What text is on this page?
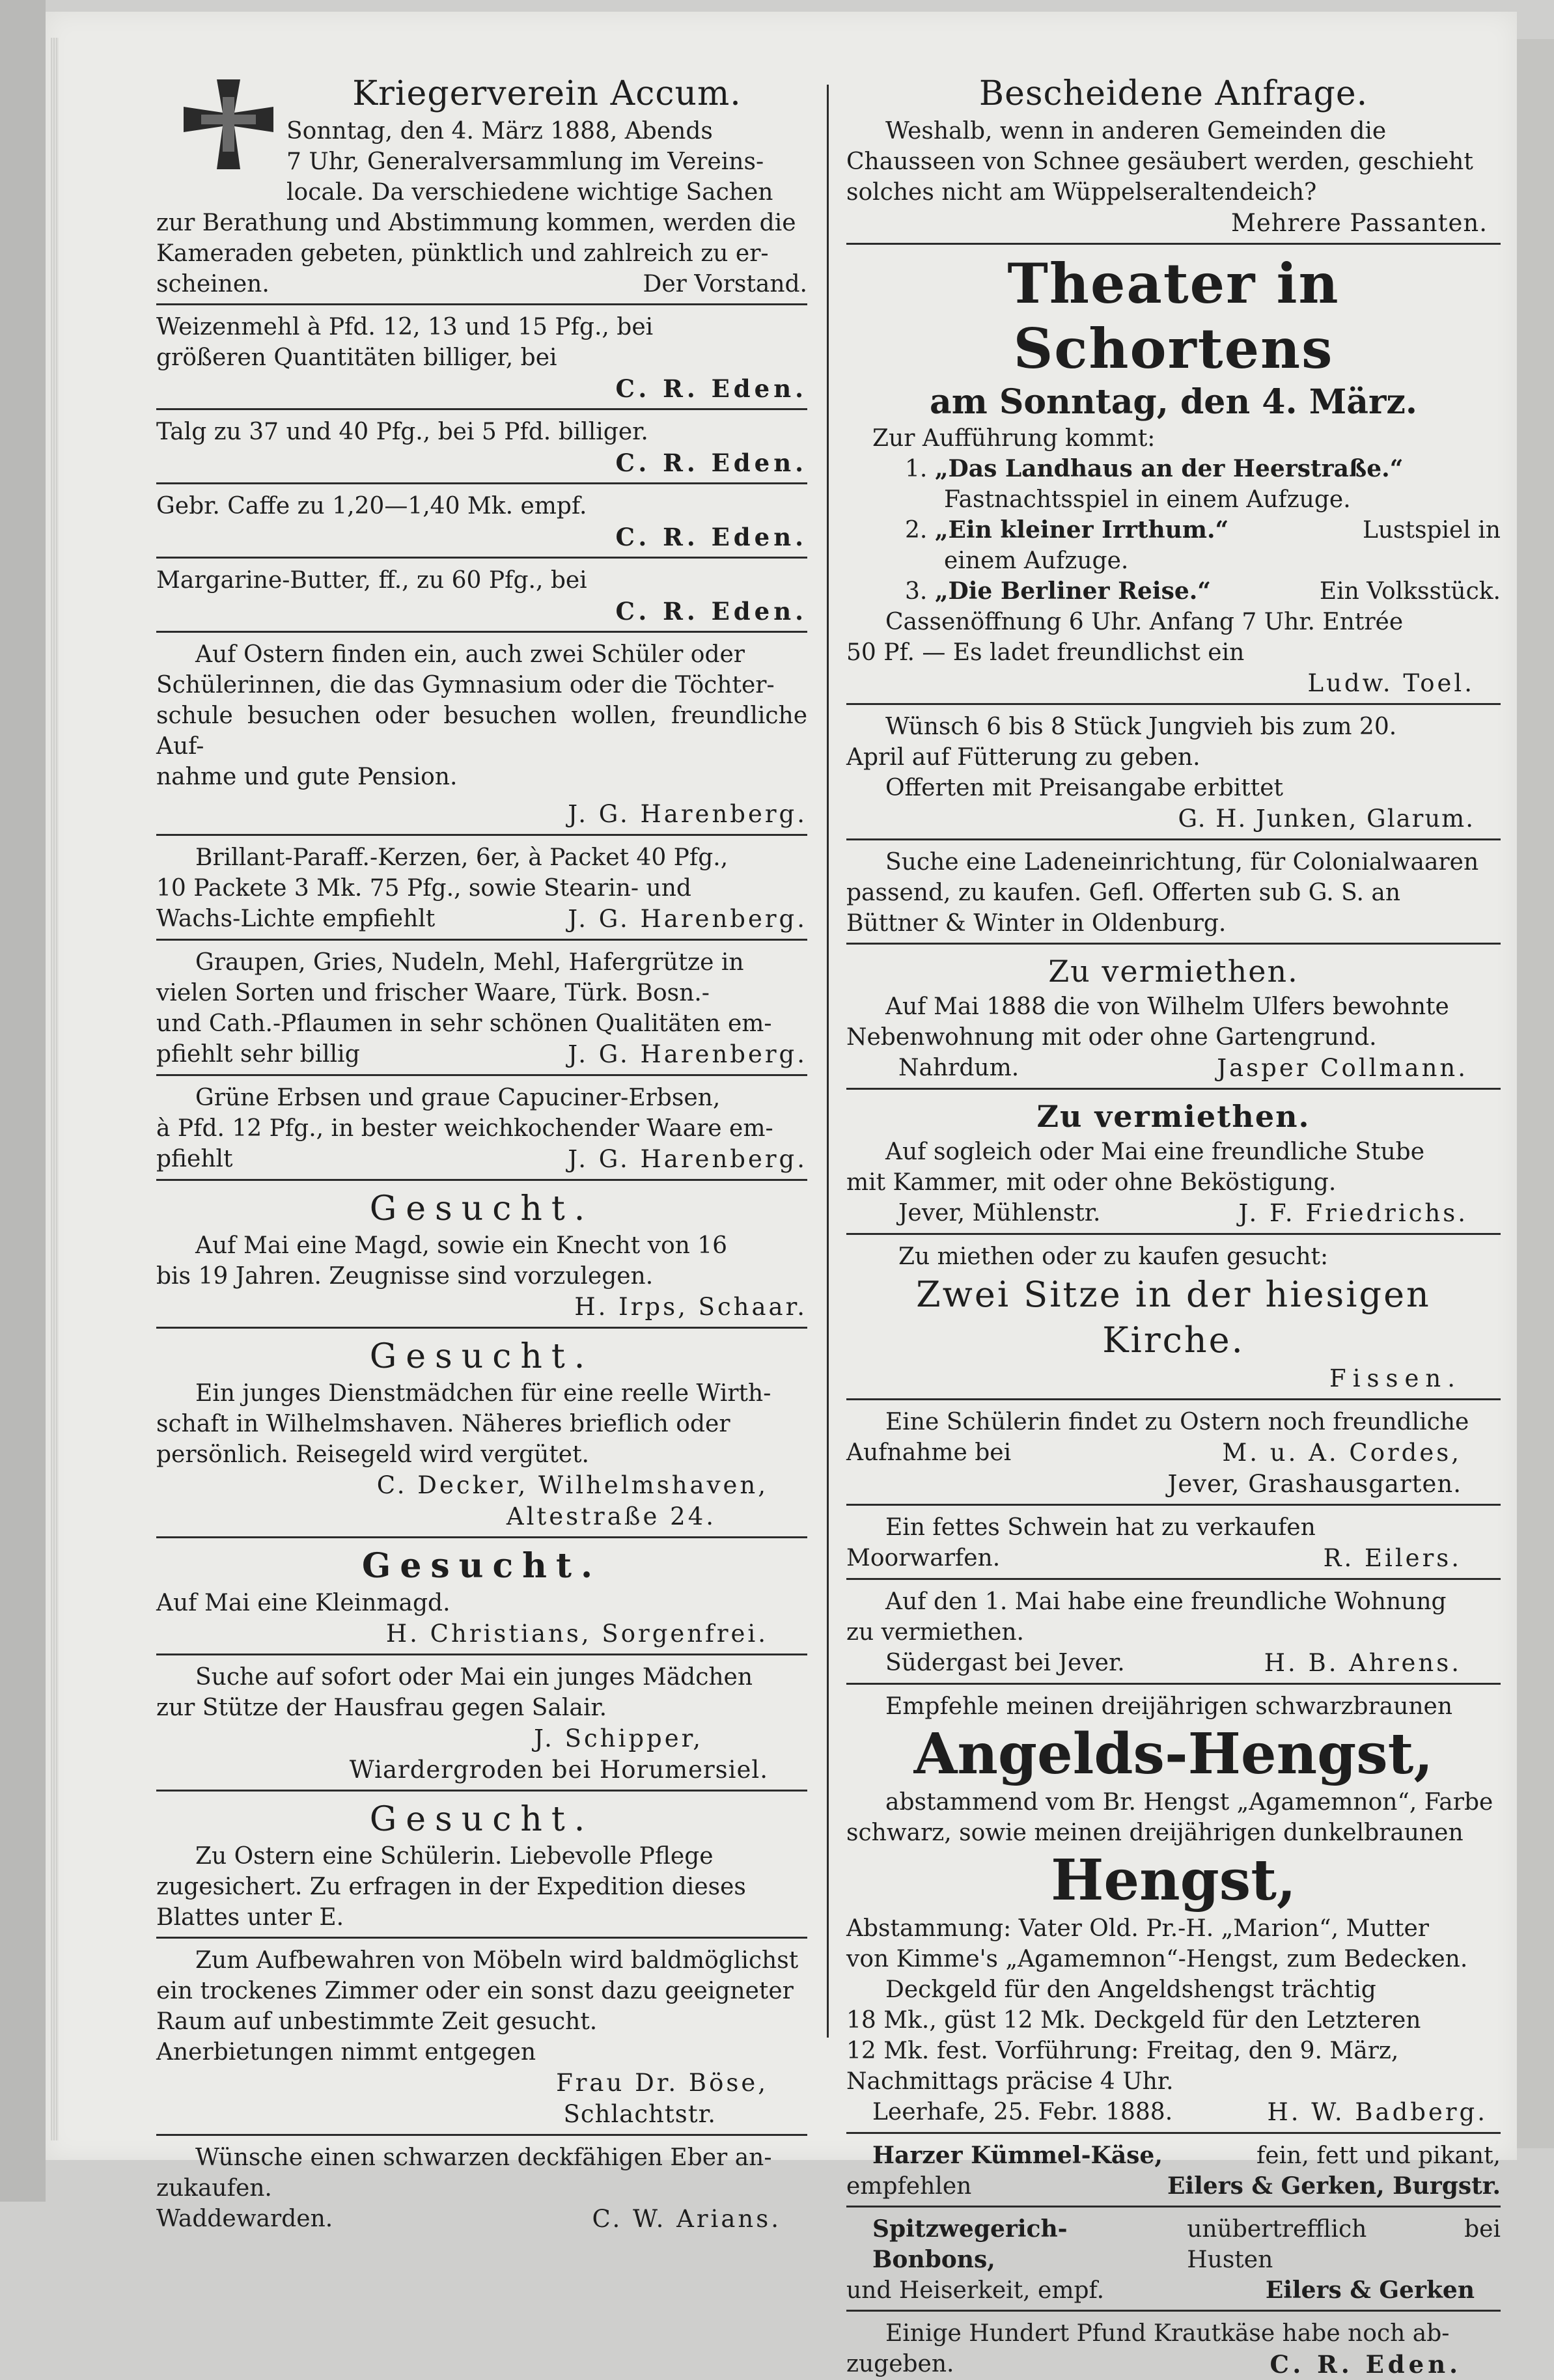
Kriegerverein Accum.
Sonntag, den 4. März 1888, Abends
7 Uhr, Generalversammlung im Vereins-
locale. Da verschiedene wichtige Sachen
zur Berathung und Abstimmung kommen, werden die
Kameraden gebeten, pünktlich und zahlreich zu er-
scheinen.	Der Vorstand.
Weizenmehl à Pfd. 12, 13 und 15 Pfg., bei
größeren Quantitäten billiger, bei
C. R. Eden.
Talg zu 37 und 40 Pfg., bei 5 Pfd. billiger.
C. R. Eden.
Gebr. Caffe zu 1,20—1,40 Mk. empf.
C. R. Eden.
Margarine-Butter, ff., zu 60 Pfg., bei
C. R. Eden.
Auf Ostern finden ein, auch zwei Schüler oder
Schülerinnen, die das Gymnasium oder die Töchter-
schule besuchen oder besuchen wollen, freundliche Auf-
nahme und gute Pension.
J. G. Harenberg.
Brillant-Paraff.-Kerzen, 6er, à Packet 40 Pfg.,
10 Packete 3 Mk. 75 Pfg., sowie Stearin- und
Wachs-Lichte empfiehlt	J. G. Harenberg.
Graupen, Gries, Nudeln, Mehl, Hafergrütze in
vielen Sorten und frischer Waare, Türk. Bosn.-
und Cath.-Pflaumen in sehr schönen Qualitäten em-
pfiehlt sehr billig	J. G. Harenberg.
Grüne Erbsen und graue Capuciner-Erbsen,
à Pfd. 12 Pfg., in bester weichkochender Waare em-
pfiehlt	J. G. Harenberg.
Gesucht.
Auf Mai eine Magd, sowie ein Knecht von 16
bis 19 Jahren. Zeugnisse sind vorzulegen.
H. Irps, Schaar.
Gesucht.
Ein junges Dienstmädchen für eine reelle Wirth-
schaft in Wilhelmshaven. Näheres brieflich oder
persönlich. Reisegeld wird vergütet.
C. Decker, Wilhelmshaven,
Altestraße 24.
Gesucht.
Auf Mai eine Kleinmagd.
H. Christians, Sorgenfrei.
Suche auf sofort oder Mai ein junges Mädchen
zur Stütze der Hausfrau gegen Salair.
J. Schipper,
Wiardergroden bei Horumersiel.
Gesucht.
Zu Ostern eine Schülerin. Liebevolle Pflege
zugesichert. Zu erfragen in der Expedition dieses
Blattes unter E.
Zum Aufbewahren von Möbeln wird baldmöglichst
ein trockenes Zimmer oder ein sonst dazu geeigneter
Raum auf unbestimmte Zeit gesucht.
Anerbietungen nimmt entgegen
Frau Dr. Böse,
Schlachtstr.
Wünsche einen schwarzen deckfähigen Eber an-
zukaufen.
Waddewarden.	C. W. Arians.
Bescheidene Anfrage.
Weshalb, wenn in anderen Gemeinden die
Chausseen von Schnee gesäubert werden, geschieht
solches nicht am Wüppelseraltendeich?
Mehrere Passanten.
Theater in Schortens
am Sonntag, den 4. März.
Zur Aufführung kommt:
1. „Das Landhaus an der Heerstraße.“
Fastnachtsspiel in einem Aufzuge.
2. „Ein kleiner Irrthum.“	Lustspiel in
einem Aufzuge.
3. „Die Berliner Reise.“	Ein Volksstück.
Cassenöffnung 6 Uhr. Anfang 7 Uhr. Entrée
50 Pf. — Es ladet freundlichst ein
Ludw. Toel.
Wünsch 6 bis 8 Stück Jungvieh bis zum 20.
April auf Fütterung zu geben.
Offerten mit Preisangabe erbittet
G. H. Junken, Glarum.
Suche eine Ladeneinrichtung, für Colonialwaaren
passend, zu kaufen. Gefl. Offerten sub G. S. an
Büttner & Winter in Oldenburg.
Zu vermiethen.
Auf Mai 1888 die von Wilhelm Ulfers bewohnte
Nebenwohnung mit oder ohne Gartengrund.
Nahrdum.	Jasper Collmann.
Zu vermiethen.
Auf sogleich oder Mai eine freundliche Stube
mit Kammer, mit oder ohne Beköstigung.
Jever, Mühlenstr.	J. F. Friedrichs.
Zu miethen oder zu kaufen gesucht:
Zwei Sitze in der hiesigen Kirche.
Fissen.
Eine Schülerin findet zu Ostern noch freundliche
Aufnahme bei	M. u. A. Cordes,
Jever, Grashausgarten.
Ein fettes Schwein hat zu verkaufen
Moorwarfen.	R. Eilers.
Auf den 1. Mai habe eine freundliche Wohnung
zu vermiethen.
Südergast bei Jever.	H. B. Ahrens.
Empfehle meinen dreijährigen schwarzbraunen
Angelds-Hengst,
abstammend vom Br. Hengst „Agamemnon“, Farbe
schwarz, sowie meinen dreijährigen dunkelbraunen
Hengst,
Abstammung: Vater Old. Pr.-H. „Marion“, Mutter
von Kimme's „Agamemnon“-Hengst, zum Bedecken.
Deckgeld für den Angeldshengst trächtig
18 Mk., güst 12 Mk. Deckgeld für den Letzteren
12 Mk. fest. Vorführung: Freitag, den 9. März,
Nachmittags präcise 4 Uhr.
Leerhafe, 25. Febr. 1888.	H. W. Badberg.
Harzer Kümmel-Käse,	fein, fett und pikant,
empfehlen	Eilers & Gerken, Burgstr.
Spitzwegerich-Bonbons,
unübertrefflich bei Husten
und Heiserkeit, empf.	Eilers & Gerken
Einige Hundert Pfund Krautkäse habe noch ab-
zugeben.	C. R. Eden.
